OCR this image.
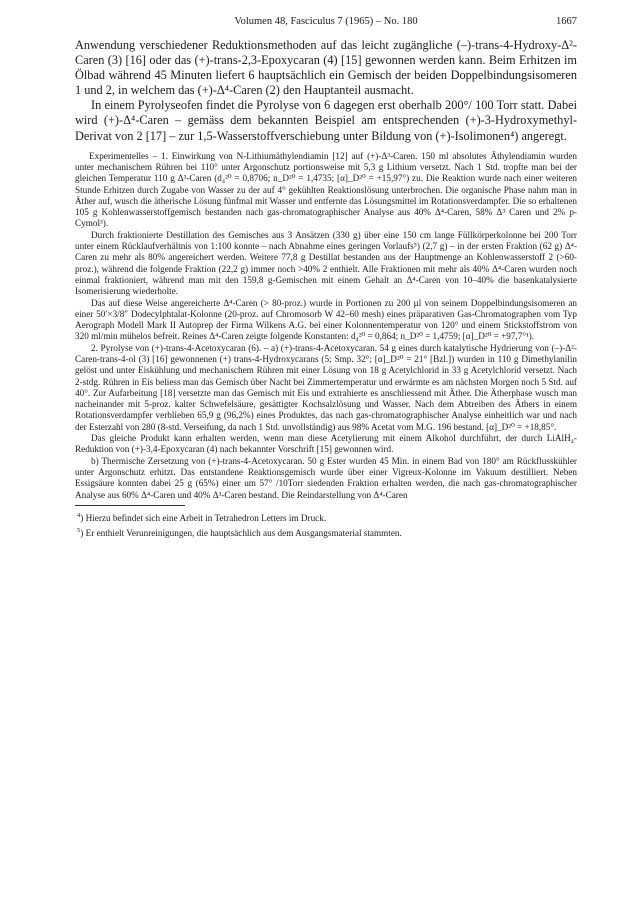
Volumen 48, Fasciculus 7 (1965) – No. 180	1667

Anwendung verschiedener Reduktionsmethoden auf das leicht zugängliche (–)-trans-4-Hydroxy-Δ²-Caren (3) [16] oder das (+)-trans-2,3-Epoxycaran (4) [15] gewonnen werden kann. Beim Erhitzen im Ölbad während 45 Minuten liefert 6 hauptsächlich ein Gemisch der beiden Doppelbindungsisomeren 1 und 2, in welchem das (+)-Δ⁴-Caren (2) den Hauptanteil ausmacht.

In einem Pyrolyseofen findet die Pyrolyse von 6 dagegen erst oberhalb 200°/ 100 Torr statt. Dabei wird (+)-Δ⁴-Caren – gemäss dem bekannten Beispiel am entsprechenden (+)-3-Hydroxymethyl-Derivat von 2 [17] – zur 1,5-Wasserstoffverschiebung unter Bildung von (+)-Isolimonen⁴) angeregt.

Experimentelles – 1. Einwirkung von N-Lithiumäthylendiamin [12] auf (+)-Δ³-Caren. 150 ml absolutes Äthylendiamin wurden unter mechanischem Rühren bei 110° unter Argonschutz portionsweise mit 5,3 g Lithium versetzt. Nach 1 Std. tropfte man bei der gleichen Temperatur 110 g Δ³-Caren (d₄²⁰ = 0,8706; n_D²⁰ = 1,4735; [α]_D²⁰ = +15,97°) zu. Die Reaktion wurde nach einer weiteren Stunde Erhitzen durch Zugabe von Wasser zu der auf 4° gekühlten Reaktionslösung unterbrochen. Die organische Phase nahm man in Äther auf, wusch die ätherische Lösung fünfmal mit Wasser und entfernte das Lösungsmittel im Rotationsverdampfer. Die so erhaltenen 105 g Kohlenwasserstoffgemisch bestanden nach gas-chromatographischer Analyse aus 40% Δ⁴-Caren, 58% Δ³ Caren und 2% p-Cymol³).

Durch fraktionierte Destillation des Gemisches aus 3 Ansätzen (330 g) über eine 150 cm lange Füllkörperkolonne bei 200 Torr unter einem Rücklaufverhältnis von 1:100 konnte – nach Abnahme eines geringen Vorlaufs⁵) (2,7 g) – in der ersten Fraktion (62 g) Δ⁴-Caren zu mehr als 80% angereichert werden. Weitere 77,8 g Destillat bestanden aus der Hauptmenge an Kohlenwasserstoff 2 (>60-proz.), während die folgende Fraktion (22,2 g) immer noch >40% 2 enthielt. Alle Fraktionen mit mehr als 40% Δ⁴-Caren wurden noch einmal fraktioniert, während man mit den 159,8 g-Gemischen mit einem Gehalt an Δ⁴-Caren von 10–40% die basenkatalysierte Isomerisierung wiederholte.

Das auf diese Weise angereicherte Δ⁴-Caren (> 80-proz.) wurde in Portionen zu 200 µl von seinem Doppelbindungsisomeren an einer 50′×3/8″ Dodecylphtalat-Kolonne (20-proz. auf Chromosorb W 42–60 mesh) eines präparativen Gas-Chromatographen vom Typ Aerograph Modell Mark II Autoprep der Firma Wilkens A.G. bei einer Kolonnentemperatur von 120° und einem Stickstoffstrom von 320 ml/min mühelos befreit. Reines Δ⁴-Caren zeigte folgende Konstanten: d₄²⁰ = 0,864; n_D²⁰ = 1,4759; [α]_D²⁰ = +97,7°¹).

2. Pyrolyse von (+)-trans-4-Acetoxycaran (6). – a) (+)-trans-4-Acetoxycaran. 54 g eines durch katalytische Hydrierung von (–)-Δ²-Caren-trans-4-ol (3) [16] gewonnenen (+) trans-4-Hydroxycarans (5; Smp. 32°; [α]_D²⁰ = 21° [Bzl.]) wurden in 110 g Dimethylanilin gelöst und unter Eiskühlung und mechanischem Rühren mit einer Lösung von 18 g Acetylchlorid in 33 g Acetylchlorid versetzt. Nach 2-stdg. Rühren in Eis beliess man das Gemisch über Nacht bei Zimmertemperatur und erwärmte es am nächsten Morgen noch 5 Std. auf 40°. Zur Aufarbeitung [18] versetzte man das Gemisch mit Eis und extrahierte es anschliessend mit Äther. Die Ätherphase wusch man nacheinander mit 5-proz. kalter Schwefelsäure, gesättigter Kochsalzlösung und Wasser. Nach dem Abtreiben des Äthers in einem Rotationsverdampfer verblieben 65,9 g (96,2%) eines Produktes, das nach gas-chromatographischer Analyse einheitlich war und nach der Esterzahl von 280 (8-std. Verseifung, da nach 1 Std. unvollständig) aus 98% Acetat vom M.G. 196 bestand. [α]_D²⁰ = +18,85°.

Das gleiche Produkt kann erhalten werden, wenn man diese Acetylierung mit einem Alkohol durchführt, der durch LiAlH₄-Reduktion von (+)-3,4-Epoxycaran (4) nach bekannter Vorschrift [15] gewonnen wird.

b) Thermische Zersetzung von (+)-trans-4-Acetoxycaran. 50 g Ester wurden 45 Min. in einem Bad von 180° am Rückflusskühler unter Argonschutz erhitzt. Das entstandene Reaktionsgemisch wurde über einer Vigreux-Kolonne im Vakuum destilliert. Neben Essigsäure konnten dabei 25 g (65%) einer um 57° /10Torr siedenden Fraktion erhalten werden, die nach gas-chromatographischer Analyse aus 60% Δ⁴-Caren und 40% Δ³-Caren bestand. Die Reindarstellung von Δ⁴-Caren

$^4$) Hierzu befindet sich eine Arbeit in Tetrahedron Letters im Druck.

$^5$) Er enthielt Verunreinigungen, die hauptsächlich aus dem Ausgangsmaterial stammten.
